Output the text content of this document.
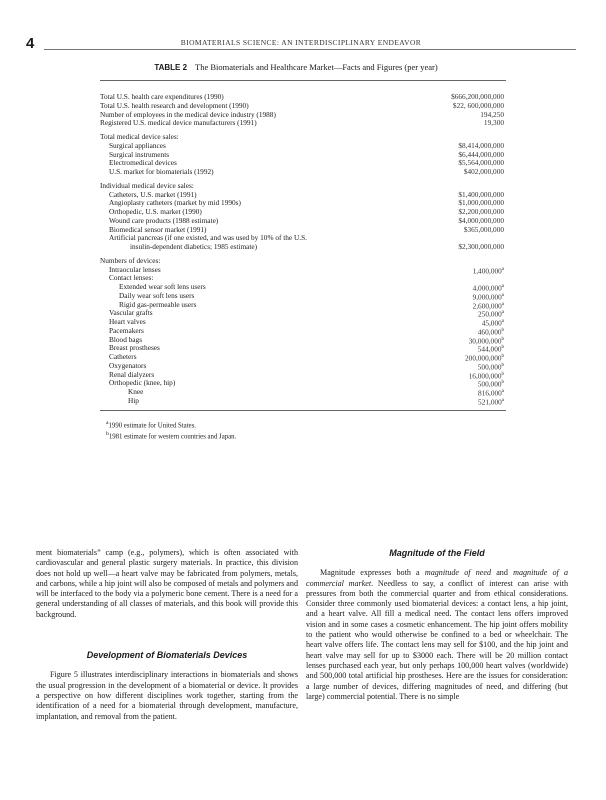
4	BIOMATERIALS SCIENCE: AN INTERDISCIPLINARY ENDEAVOR
TABLE 2 The Biomaterials and Healthcare Market—Facts and Figures (per year)
Total U.S. health care expenditures (1990)	$666,200,000,000
Total U.S. health research and development (1990)	$22, 600,000,000
Number of employees in the medical device industry (1988)	194,250
Registered U.S. medical device manufacturers (1991)	19,300
Total medical device sales:
Surgical appliances	$8,414,000,000
Surgical instruments	$6,444,000,000
Electromedical devices	$5,564,000,000
U.S. market for biomaterials (1992)	$402,000,000
Individual medical device sales:
Catheters, U.S. market (1991)	$1,400,000,000
Angioplasty catheters (market by mid 1990s)	$1,000,000,000
Orthopedic, U.S. market (1990)	$2,200,000,000
Wound care products (1988 estimate)	$4,000,000,000
Biomedical sensor market (1991)	$365,000,000
Artificial pancreas (if one existed, and was used by 10% of the U.S.
insulin-dependent diabetics; 1985 estimate)	$2,300,000,000
Numbers of devices:
Intraocular lenses	1,400,000$^a$
Contact lenses:
Extended wear soft lens users	4,000,000$^a$
Daily wear soft lens users	9,000,000$^a$
Rigid gas-permeable users	2,600,000$^a$
Vascular grafts	250,000$^a$
Heart valves	45,000$^a$
Pacemakers	460,000$^b$
Blood bags	30,000,000$^b$
Breast prostheses	544,000$^b$
Catheters	200,000,000$^b$
Oxygenators	500,000$^b$
Renal dialyzers	16,000,000$^b$
Orthopedic (knee, hip)	500,000$^b$
Knee	816,000$^a$
Hip	521,000$^a$
$^a$1990 estimate for United States.
$^b$1981 estimate for western countries and Japan.

ment biomaterials” camp (e.g., polymers), which is often associated with cardiovascular and general plastic surgery materials. In practice, this division does not hold up well—a heart valve may be fabricated from polymers, metals, and carbons, while a hip joint will also be composed of metals and polymers and will be interfaced to the body via a polymeric bone cement. There is a need for a general understanding of all classes of materials, and this book will provide this background.

Development of Biomaterials Devices

Figure 5 illustrates interdisciplinary interactions in biomaterials and shows the usual progression in the development of a biomaterial or device. It provides a perspective on how different disciplines work together, starting from the identification of a need for a biomaterial through development, manufacture, implantation, and removal from the patient.

Magnitude of the Field

Magnitude expresses both a magnitude of need and magnitude of a commercial market. Needless to say, a conflict of interest can arise with pressures from both the commercial quarter and from ethical considerations. Consider three commonly used biomaterial devices: a contact lens, a hip joint, and a heart valve. All fill a medical need. The contact lens offers improved vision and in some cases a cosmetic enhancement. The hip joint offers mobility to the patient who would otherwise be confined to a bed or wheelchair. The heart valve offers life. The contact lens may sell for $100, and the hip joint and heart valve may sell for up to $3000 each. There will be 20 million contact lenses purchased each year, but only perhaps 100,000 heart valves (worldwide) and 500,000 total artificial hip prostheses. Here are the issues for consideration: a large number of devices, differing magnitudes of need, and differing (but large) commercial potential. There is no simple
